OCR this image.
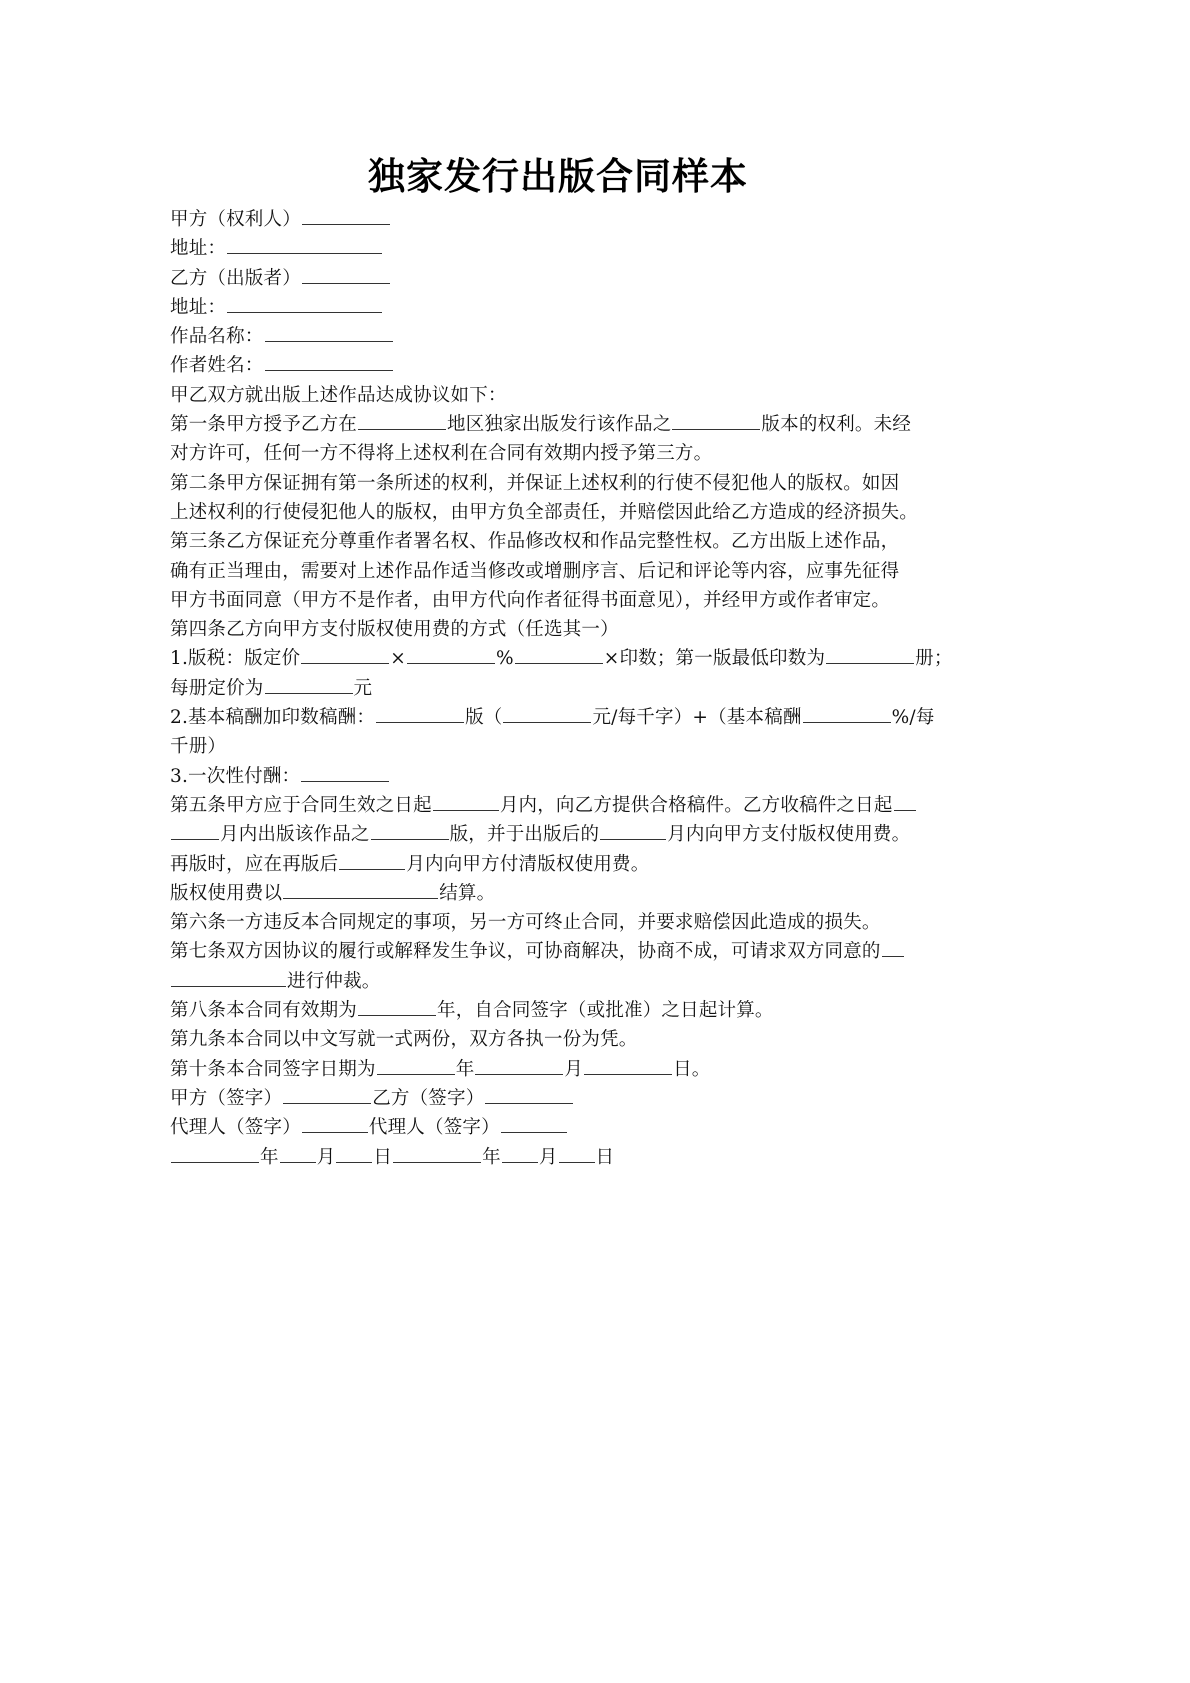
独家发行出版合同样本
甲方（权利人）
地址：
乙方（出版者）
地址：
作品名称：
作者姓名：
甲乙双方就出版上述作品达成协议如下：
第一条甲方授予乙方在	地区独家出版发行该作品之	版本的权利。未经
对方许可，任何一方不得将上述权利在合同有效期内授予第三方。
第二条甲方保证拥有第一条所述的权利，并保证上述权利的行使不侵犯他人的版权。如因
上述权利的行使侵犯他人的版权，由甲方负全部责任，并赔偿因此给乙方造成的经济损失。
第三条乙方保证充分尊重作者署名权、作品修改权和作品完整性权。乙方出版上述作品，
确有正当理由，需要对上述作品作适当修改或增删序言、后记和评论等内容，应事先征得
甲方书面同意（甲方不是作者，由甲方代向作者征得书面意见），并经甲方或作者审定。
第四条乙方向甲方支付版权使用费的方式（任选其一）
1.版税：版定价	×	%	×印数；第一版最低印数为	册；
每册定价为	元
2.基本稿酬加印数稿酬：	版（	元/每千字）+（基本稿酬	%/每
千册）
3.一次性付酬：
第五条甲方应于合同生效之日起	月内，向乙方提供合格稿件。乙方收稿件之日起
月内出版该作品之	版，并于出版后的	月内向甲方支付版权使用费。
再版时，应在再版后	月内向甲方付清版权使用费。
版权使用费以	结算。
第六条一方违反本合同规定的事项，另一方可终止合同，并要求赔偿因此造成的损失。
第七条双方因协议的履行或解释发生争议，可协商解决，协商不成，可请求双方同意的
进行仲裁。
第八条本合同有效期为	年，自合同签字（或批准）之日起计算。
第九条本合同以中文写就一式两份，双方各执一份为凭。
第十条本合同签字日期为	年	月	日。
甲方（签字）	乙方（签字）
代理人（签字）	代理人（签字）
年 月 日	年 月 日
